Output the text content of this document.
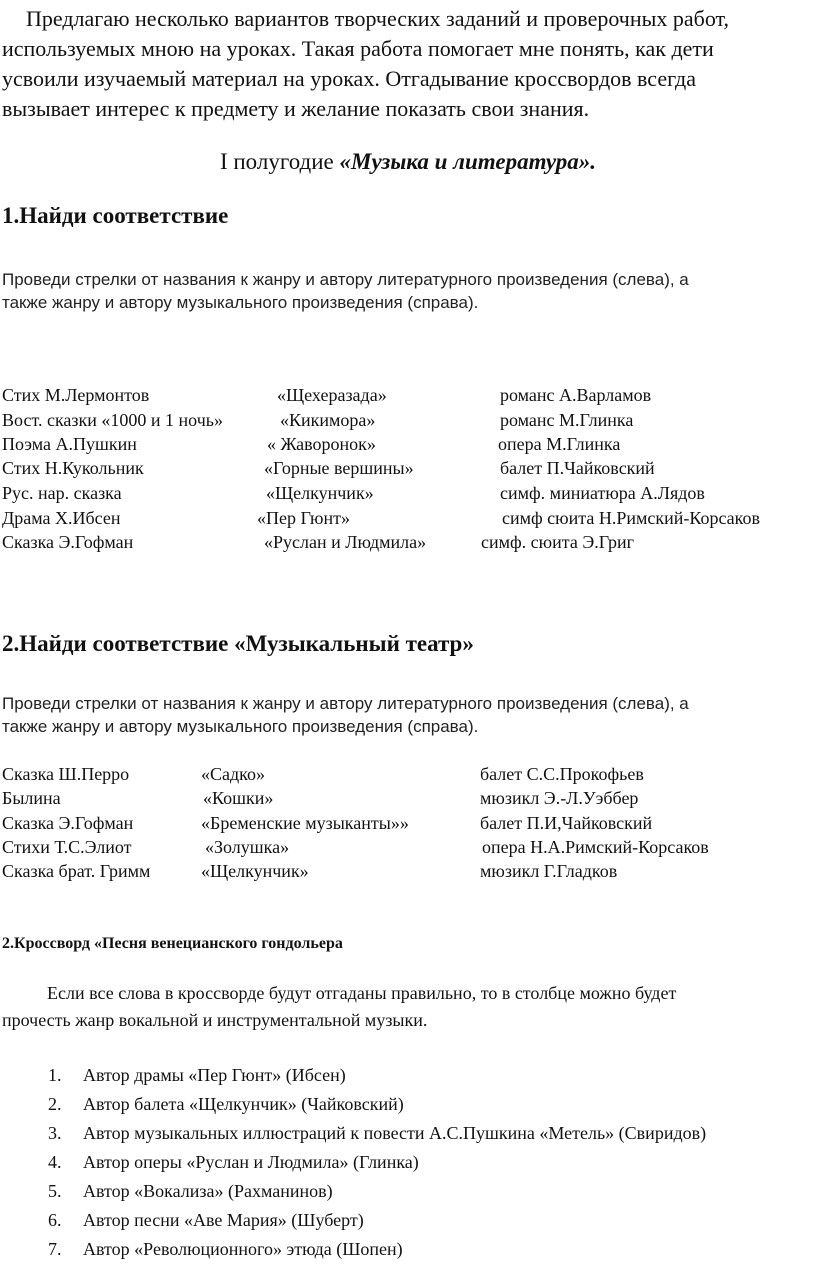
Предлагаю несколько вариантов творческих заданий и проверочных работ,

используемых мною на уроках. Такая работа помогает мне понять, как дети

усвоили изучаемый материал на уроках. Отгадывание кроссвордов всегда

вызывает интерес к предмету и желание показать свои знания.

I полугодие «Музыка и литература».
1.Найди соответствие

Проведи стрелки от названия к жанру и автору литературного произведения (слева), а

также жанру и автору музыкального произведения (справа).

Стих М.Лермонтов	«Щехеразада»	романс А.Варламов
Вост. сказки «1000 и 1 ночь»	«Кикимора»	романс М.Глинка
Поэма А.Пушкин	« Жаворонок»	опера М.Глинка
Стих Н.Кукольник	«Горные вершины»	балет П.Чайковский
Рус. нар. сказка	«Щелкунчик»	симф. миниатюра А.Лядов
Драма Х.Ибсен	«Пер Гюнт»	симф сюита Н.Римский-Корсаков
Сказка Э.Гофман	«Руслан и Людмила»	симф. сюита Э.Григ
2.Найди соответствие «Музыкальный театр»

Проведи стрелки от названия к жанру и автору литературного произведения (слева), а

также жанру и автору музыкального произведения (справа).

Сказка Ш.Перро	«Садко»	балет С.С.Прокофьев
Былина	«Кошки»	мюзикл Э.-Л.Уэббер
Сказка Э.Гофман	«Бременские музыканты»»	балет П.И,Чайковский
Стихи Т.С.Элиот	«Золушка»	опера Н.А.Римский-Корсаков
Сказка брат. Гримм	«Щелкунчик»	мюзикл Г.Гладков
2.Кроссворд «Песня венецианского гондольера

Если все слова в кроссворде будут отгаданы правильно, то в столбце можно будет

прочесть жанр вокальной и инструментальной музыки.
1. Автор драмы «Пер Гюнт» (Ибсен)
2. Автор балета «Щелкунчик» (Чайковский)
3. Автор музыкальных иллюстраций к повести А.С.Пушкина «Метель» (Свиридов)
4. Автор оперы «Руслан и Людмила» (Глинка)
5. Автор «Вокализа» (Рахманинов)
6. Автор песни «Аве Мария» (Шуберт)
7. Автор «Революционного» этюда (Шопен)
